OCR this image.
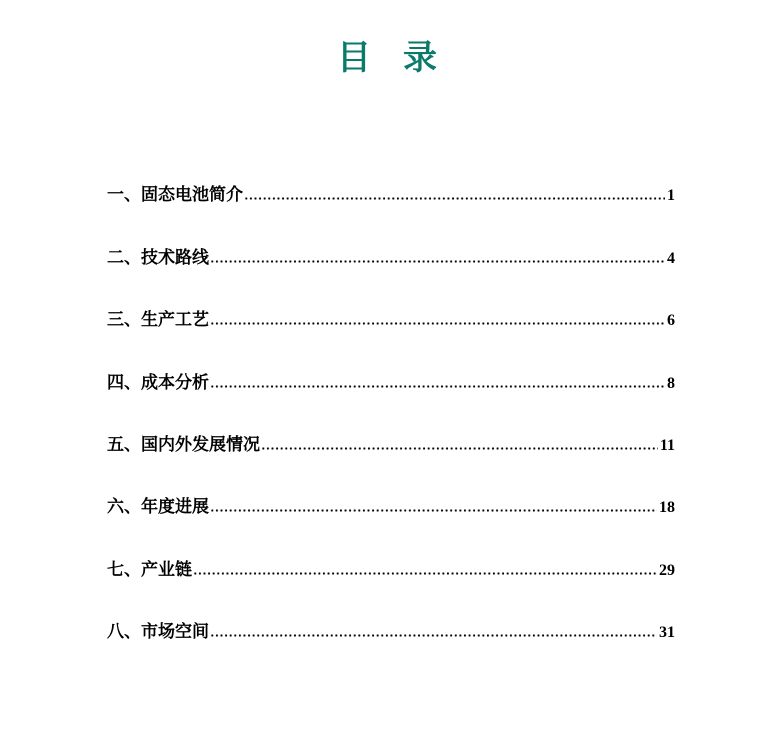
目 录
一、固态电池简介	1
二、技术路线	4
三、生产工艺	6
四、成本分析	8
五、国内外发展情况	11
六、年度进展	18
七、产业链	29
八、市场空间	31
